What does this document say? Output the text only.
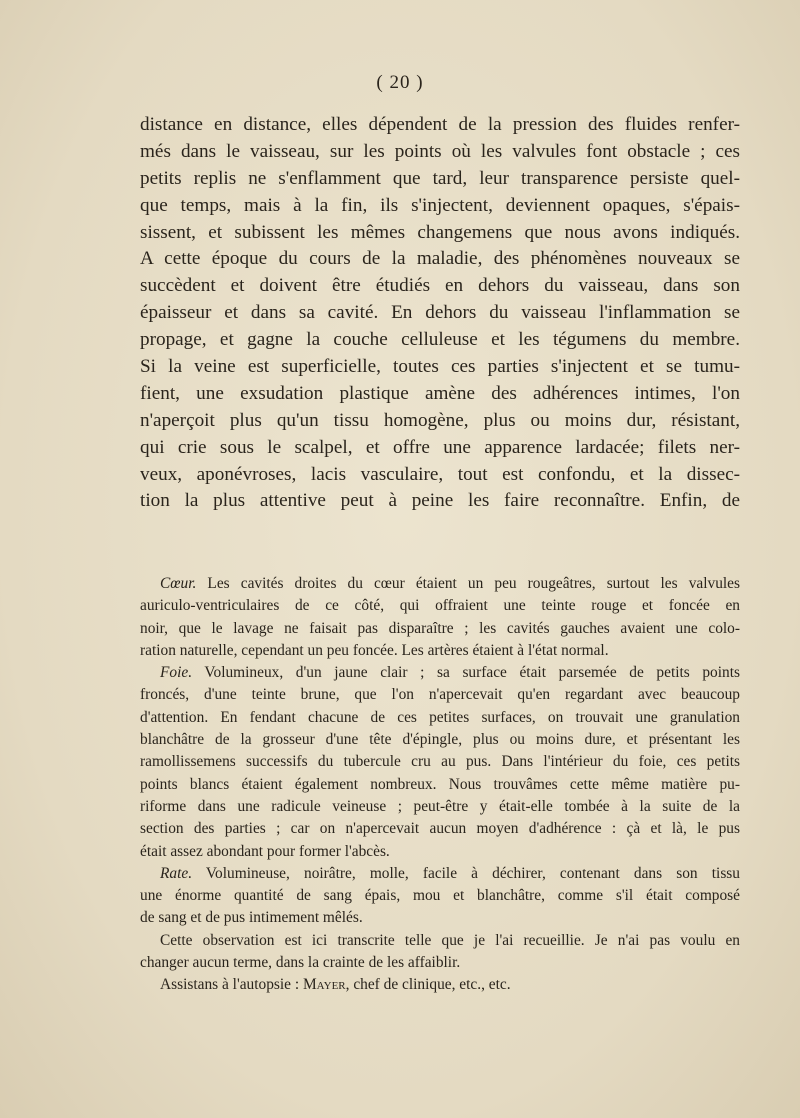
( 20 )
distance en distance, elles dépendent de la pression des fluides renfer-
més dans le vaisseau, sur les points où les valvules font obstacle ; ces
petits replis ne s'enflamment que tard, leur transparence persiste quel-
que temps, mais à la fin, ils s'injectent, deviennent opaques, s'épais-
sissent, et subissent les mêmes changemens que nous avons indiqués.
A cette époque du cours de la maladie, des phénomènes nouveaux se
succèdent et doivent être étudiés en dehors du vaisseau, dans son
épaisseur et dans sa cavité. En dehors du vaisseau l'inflammation se
propage, et gagne la couche celluleuse et les tégumens du membre.
Si la veine est superficielle, toutes ces parties s'injectent et se tumu-
fient, une exsudation plastique amène des adhérences intimes, l'on
n'aperçoit plus qu'un tissu homogène, plus ou moins dur, résistant,
qui crie sous le scalpel, et offre une apparence lardacée; filets ner-
veux, aponévroses, lacis vasculaire, tout est confondu, et la dissec-
tion la plus attentive peut à peine les faire reconnaître. Enfin, de
Cœur. Les cavités droites du cœur étaient un peu rougeâtres, surtout les valvules
auriculo-ventriculaires de ce côté, qui offraient une teinte rouge et foncée en
noir, que le lavage ne faisait pas disparaître ; les cavités gauches avaient une colo-
ration naturelle, cependant un peu foncée. Les artères étaient à l'état normal.
Foie. Volumineux, d'un jaune clair ; sa surface était parsemée de petits points
froncés, d'une teinte brune, que l'on n'apercevait qu'en regardant avec beaucoup
d'attention. En fendant chacune de ces petites surfaces, on trouvait une granulation
blanchâtre de la grosseur d'une tête d'épingle, plus ou moins dure, et présentant les
ramollissemens successifs du tubercule cru au pus. Dans l'intérieur du foie, ces petits
points blancs étaient également nombreux. Nous trouvâmes cette même matière pu-
riforme dans une radicule veineuse ; peut-être y était-elle tombée à la suite de la
section des parties ; car on n'apercevait aucun moyen d'adhérence : çà et là, le pus
était assez abondant pour former l'abcès.
Rate. Volumineuse, noirâtre, molle, facile à déchirer, contenant dans son tissu
une énorme quantité de sang épais, mou et blanchâtre, comme s'il était composé
de sang et de pus intimement mêlés.
Cette observation est ici transcrite telle que je l'ai recueillie. Je n'ai pas voulu en
changer aucun terme, dans la crainte de les affaiblir.
Assistans à l'autopsie : Mayer, chef de clinique, etc., etc.
